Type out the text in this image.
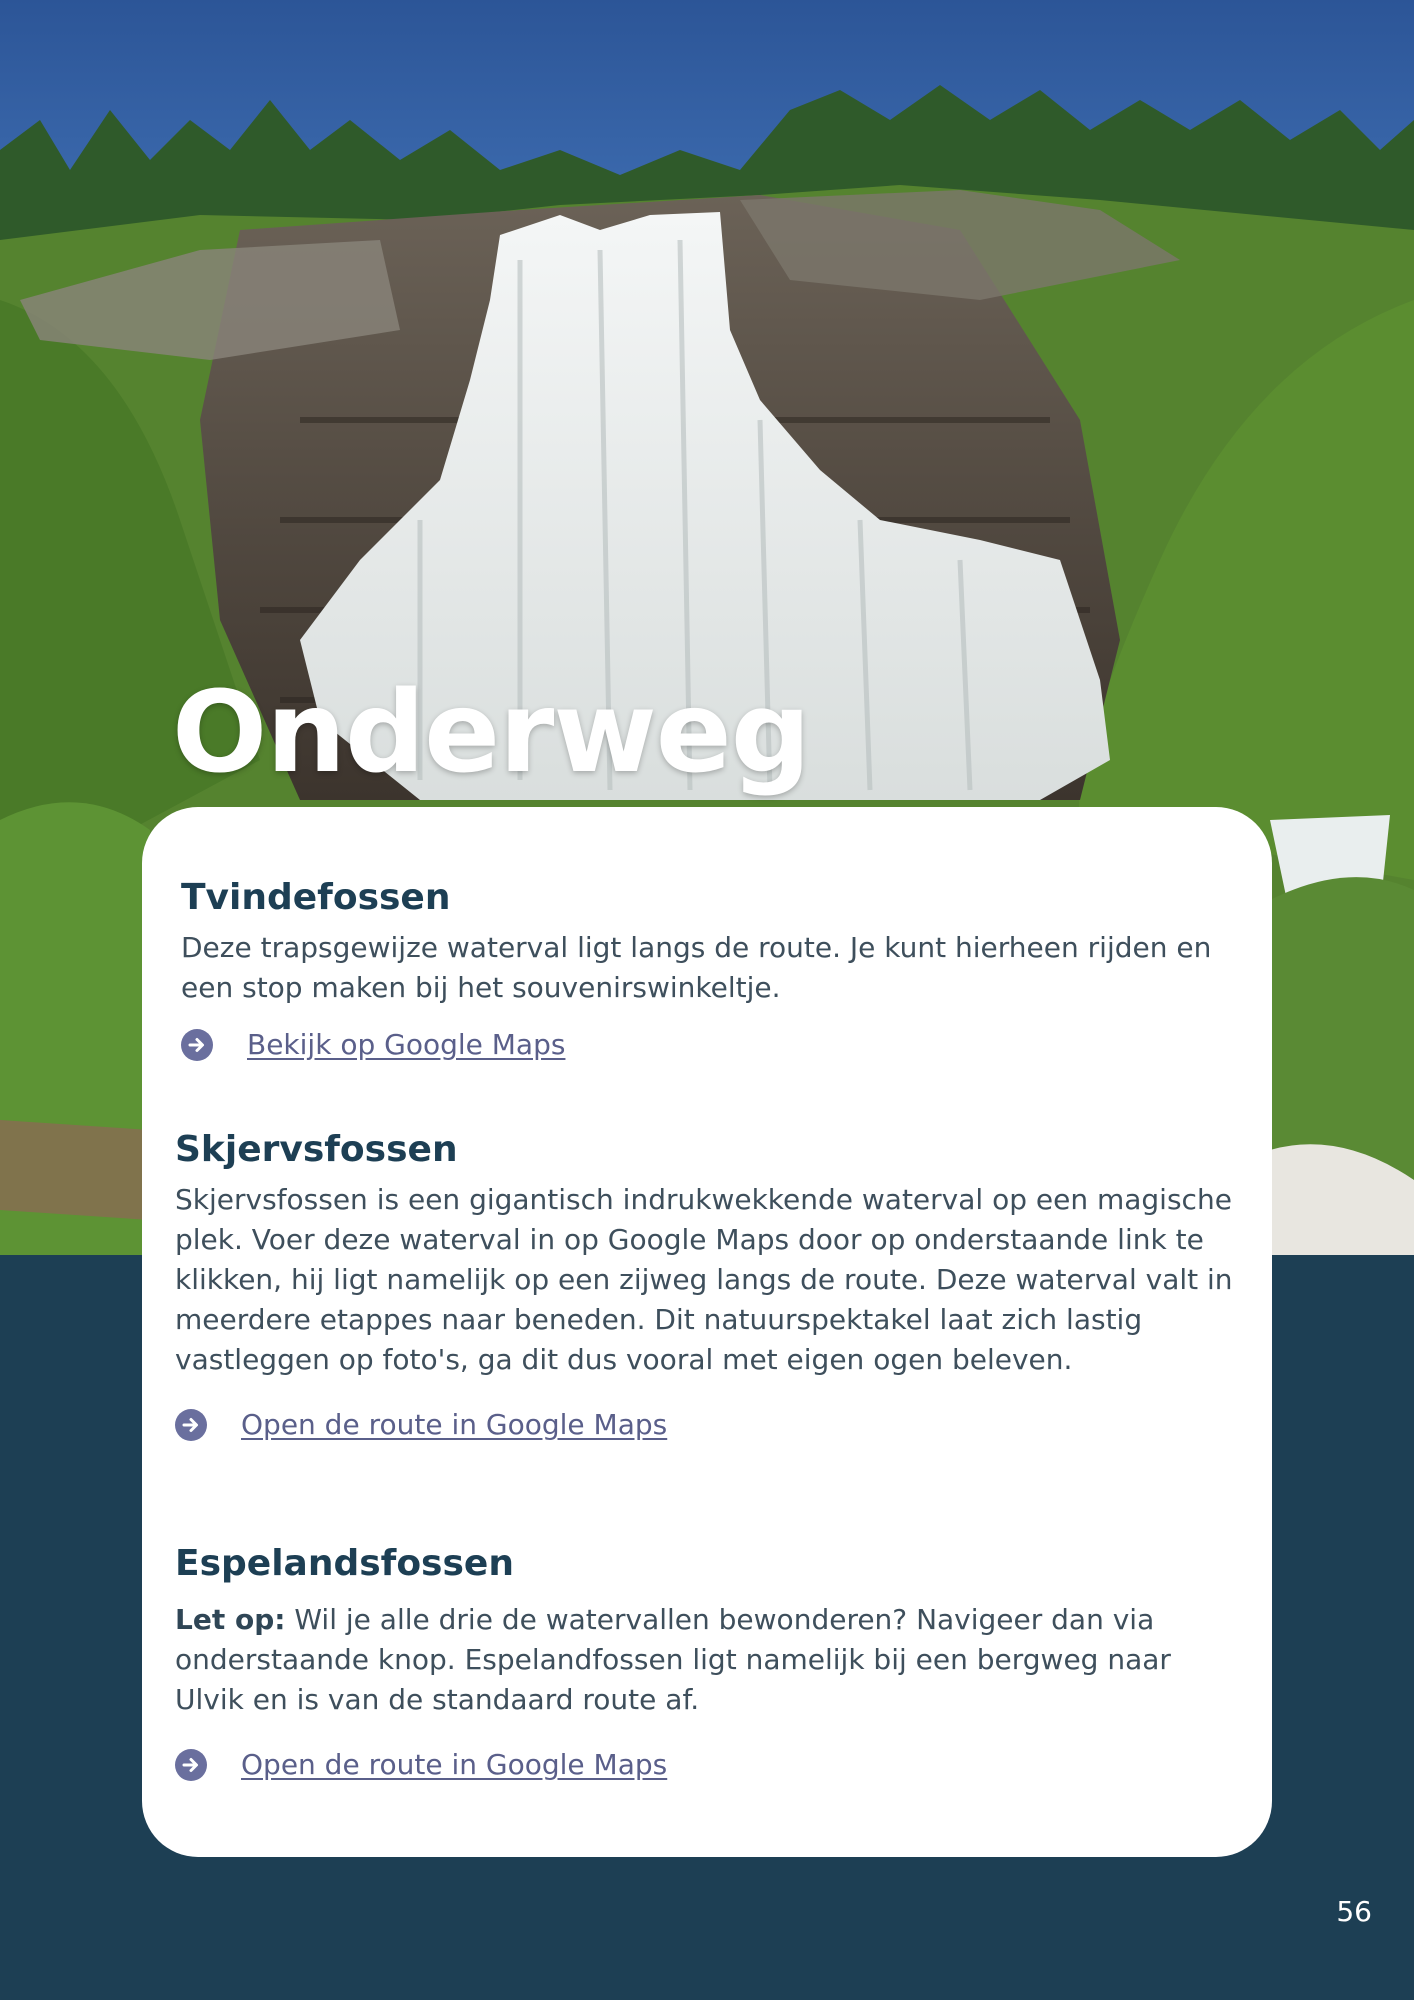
Onderweg
Tvindefossen

Deze trapsgewijze waterval ligt langs de route. Je kunt hierheen rijden en een stop maken bij het souvenirswinkeltje.

Bekijk op Google Maps
Skjervsfossen

Skjervsfossen is een gigantisch indrukwekkende waterval op een magische plek. Voer deze waterval in op Google Maps door op onderstaande link te klikken, hij ligt namelijk op een zijweg langs de route. Deze waterval valt in meerdere etappes naar beneden. Dit natuurspektakel laat zich lastig vastleggen op foto's, ga dit dus vooral met eigen ogen beleven.

Open de route in Google Maps
Espelandsfossen

Let op: Wil je alle drie de watervallen bewonderen? Navigeer dan via onderstaande knop. Espelandfossen ligt namelijk bij een bergweg naar Ulvik en is van de standaard route af.

Open de route in Google Maps
56
